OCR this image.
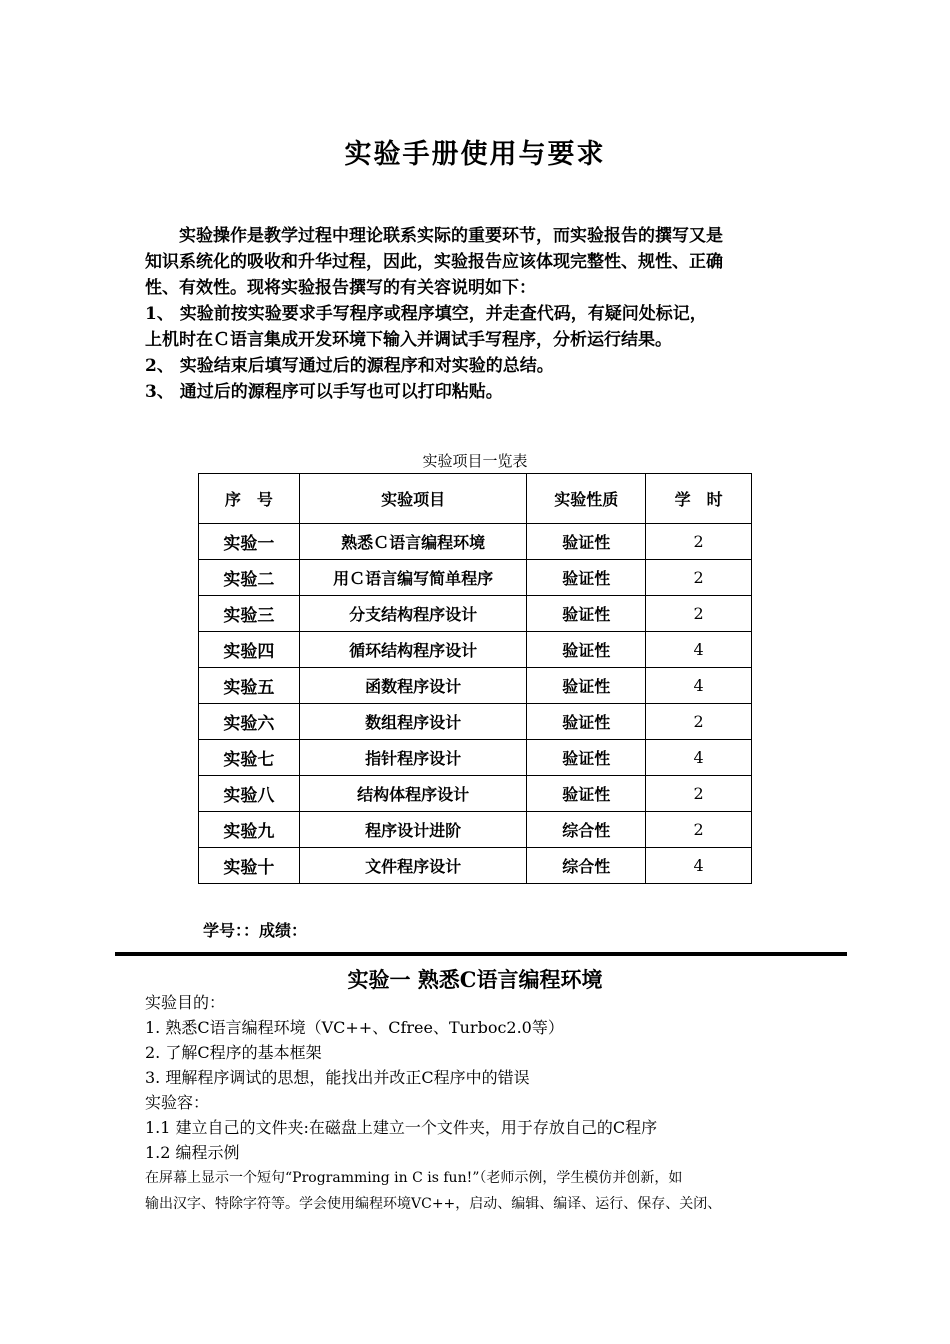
实验手册使用与要求
　　实验操作是教学过程中理论联系实际的重要环节，而实验报告的撰写又是
知识系统化的吸收和升华过程，因此，实验报告应该体现完整性、规性、正确
性、有效性。现将实验报告撰写的有关容说明如下：
1、 实验前按实验要求手写程序或程序填空，并走查代码，有疑问处标记，
上机时在Ｃ语言集成开发环境下输入并调试手写程序，分析运行结果。
2、 实验结束后填写通过后的源程序和对实验的总结。
3、 通过后的源程序可以手写也可以打印粘贴。
实验项目一览表
序　号	实验项目	实验性质	学　时
实验一	熟悉Ｃ语言编程环境	验证性	2
实验二	用Ｃ语言编写简单程序	验证性	2
实验三	分支结构程序设计	验证性	2
实验四	循环结构程序设计	验证性	4
实验五	函数程序设计	验证性	4
实验六	数组程序设计	验证性	2
实验七	指针程序设计	验证性	4
实验八	结构体程序设计	验证性	2
实验九	程序设计进阶	综合性	2
实验十	文件程序设计	综合性	4
学号：：成绩：
实验一 熟悉C语言编程环境
实验目的：
1. 熟悉C语言编程环境（VC++、Cfree、Turboc2.0等）
2. 了解C程序的基本框架
3. 理解程序调试的思想，能找出并改正C程序中的错误
实验容：
1.1 建立自己的文件夹:在磁盘上建立一个文件夹，用于存放自己的C程序
1.2 编程示例
在屏幕上显示一个短句“Programming in C is fun!”（老师示例，学生模仿并创新，如
输出汉字、特除字符等。学会使用编程环境VC++，启动、编辑、编译、运行、保存、关闭、
